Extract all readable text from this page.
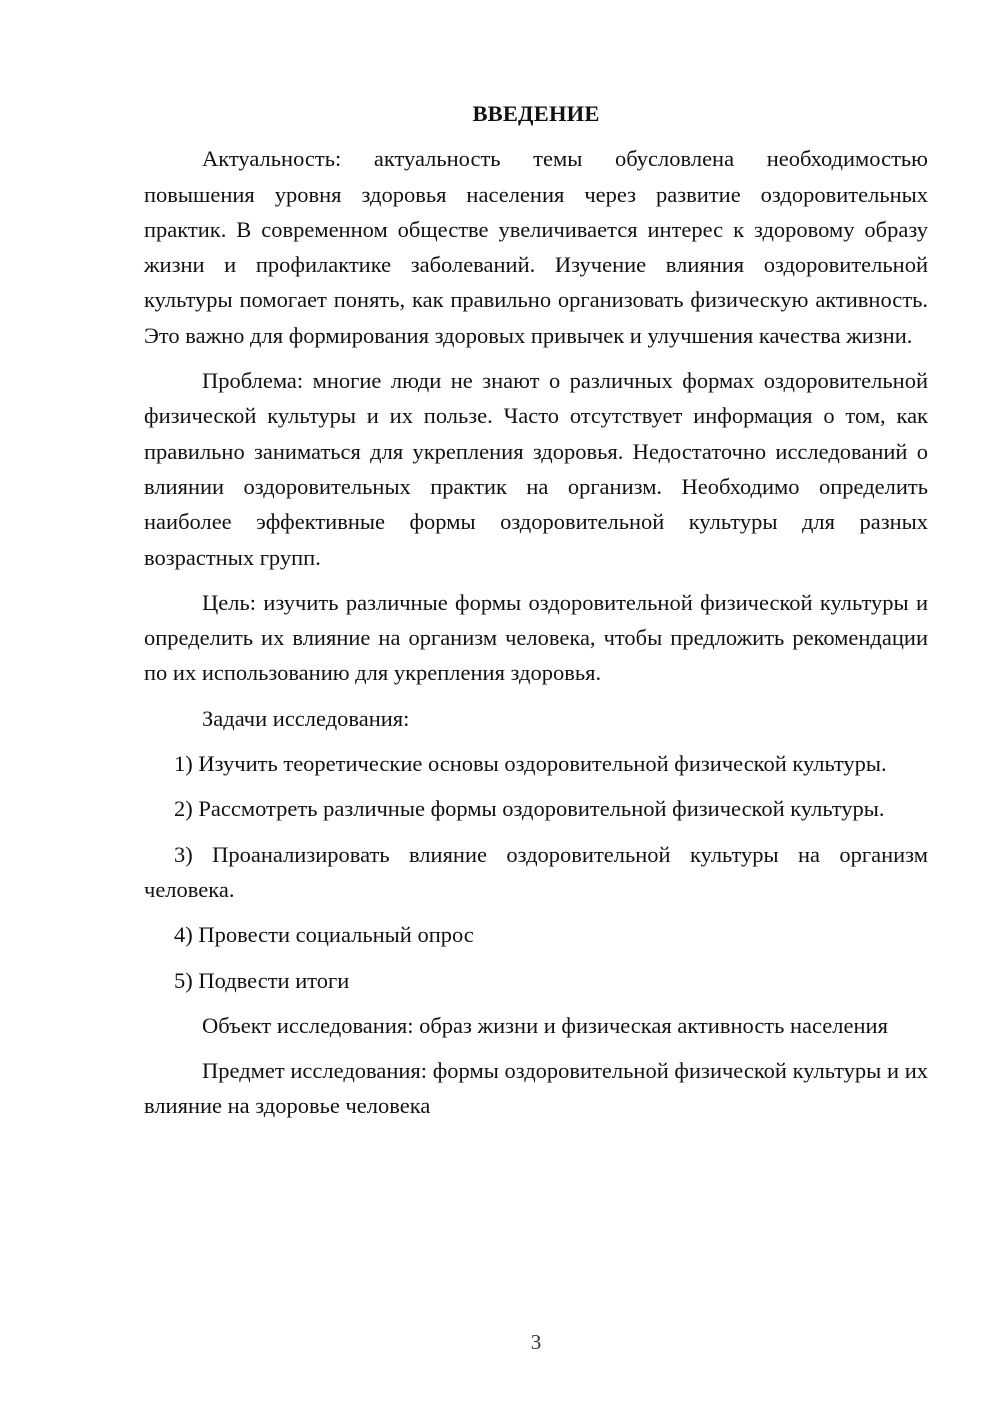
ВВЕДЕНИЕ

Актуальность: актуальность темы обусловлена необходимостью повышения уровня здоровья населения через развитие оздоровительных практик. В современном обществе увеличивается интерес к здоровому образу жизни и профилактике заболеваний. Изучение влияния оздоровительной культуры помогает понять, как правильно организовать физическую активность. Это важно для формирования здоровых привычек и улучшения качества жизни.

Проблема: многие люди не знают о различных формах оздоровительной физической культуры и их пользе. Часто отсутствует информация о том, как правильно заниматься для укрепления здоровья. Недостаточно исследований о влиянии оздоровительных практик на организм. Необходимо определить наиболее эффективные формы оздоровительной культуры для разных возрастных групп.

Цель: изучить различные формы оздоровительной физической культуры и определить их влияние на организм человека, чтобы предложить рекомендации по их использованию для укрепления здоровья.

Задачи исследования:

1) Изучить теоретические основы оздоровительной физической культуры.

2) Рассмотреть различные формы оздоровительной физической культуры.

3) Проанализировать влияние оздоровительной культуры на организм человека.

4) Провести социальный опрос

5) Подвести итоги

Объект исследования: образ жизни и физическая активность населения

Предмет исследования: формы оздоровительной физической культуры и их влияние на здоровье человека

3
